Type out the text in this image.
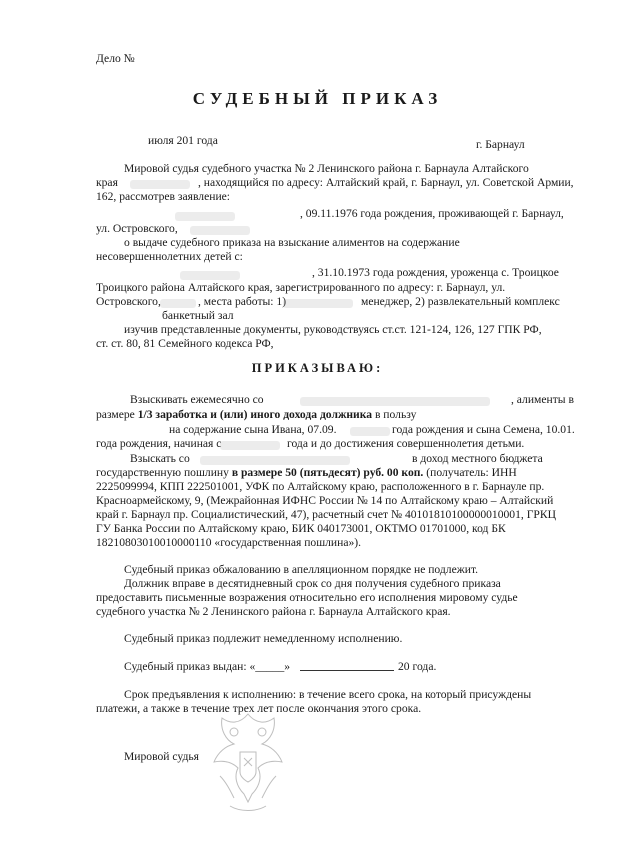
Дело №
СУДЕБНЫЙ ПРИКАЗ
июля 201 года	г. Барнаул
Мировой судья судебного участка № 2 Ленинского района г. Барнаула Алтайского
края	, находящийся по адресу: Алтайский край, г. Барнаул, ул. Советской Армии,
162, рассмотрев заявление:
, 09.11.1976 года рождения, проживающей г. Барнаул,
ул. Островского,
о выдаче судебного приказа на взыскание алиментов на содержание
несовершеннолетних детей с:
, 31.10.1973 года рождения, уроженца с. Троицкое
Троицкого района Алтайского края, зарегистрированного по адресу: г. Барнаул, ул.
Островского,	, места работы: 1)	менеджер, 2) развлекательный комплекс
банкетный зал
изучив представленные документы, руководствуясь ст.ст. 121-124, 126, 127 ГПК РФ,
ст. ст. 80, 81 Семейного кодекса РФ,
ПРИКАЗЫВАЮ:
Взыскивать ежемесячно со	, алименты в
размере 1/3 заработка и (или) иного дохода должника в пользу
на содержание сына Ивана, 07.09.	года рождения и сына Семена, 10.01.
года рождения, начиная с	года и до достижения совершеннолетия детьми.
Взыскать со	в доход местного бюджета
государственную пошлину в размере 50 (пятьдесят) руб. 00 коп. (получатель: ИНН
2225099994, КПП 222501001, УФК по Алтайскому краю, расположенного в г. Барнауле пр.
Красноармейскому, 9, (Межрайонная ИФНС России № 14 по Алтайскому краю – Алтайский
край г. Барнаул пр. Социалистический, 47), расчетный счет № 40101810100000010001, ГРКЦ
ГУ Банка России по Алтайскому краю, БИК 040173001, ОКТМО 01701000, код БК
18210803010010000110 «государственная пошлина»).
Судебный приказ обжалованию в апелляционном порядке не подлежит.
Должник вправе в десятидневный срок со дня получения судебного приказа
предоставить письменные возражения относительно его исполнения мировому судье
судебного участка № 2 Ленинского района г. Барнаула Алтайского края.
Судебный приказ подлежит немедленному исполнению.
Судебный приказ выдан: «_____»	20 года.
Срок предъявления к исполнению: в течение всего срока, на который присуждены
платежи, а также в течение трех лет после окончания этого срока.
Мировой судья
